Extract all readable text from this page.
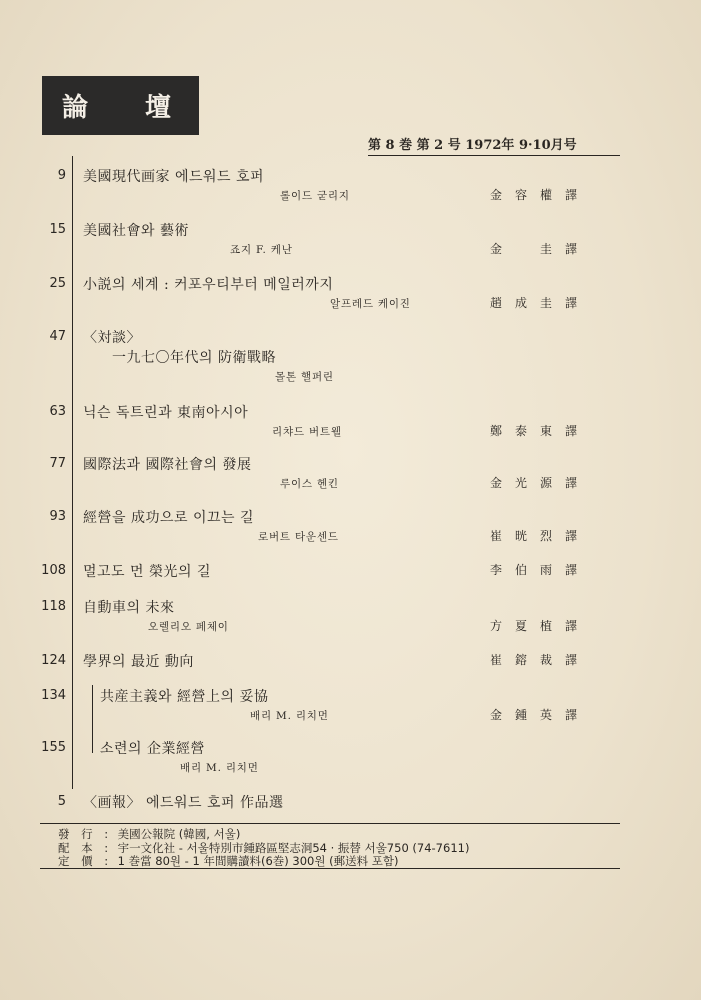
論 壇
第 8 巻 第 2 号 1972年 9·10月号
9 美國現代画家 에드워드 호퍼
롤이드 굳리지	金容權譯
15 美國社會와 藝術
죠지 F. 케난	金　圭譯
25 小説의 세계 : 커포우티부터 메일러까지
알프레드 케이진	趙成圭譯
47 〈対談〉
一九七〇年代의 防衛戰略
몰톤 핼퍼린
63 닉슨 독트린과 東南아시아
리챠드 버트웰	鄭泰東譯
77 國際法과 國際社會의 發展
루이스 헨킨	金光源譯
93 經營을 成功으로 이끄는 길
로버트 타운센드	崔晄烈譯
108 멀고도 먼 榮光의 길	李伯雨譯
118 自動車의 未來
오렐리오 페체이	方夏植譯
124 學界의 最近 動向	崔鎔裁譯
134 共産主義와 經營上의 妥協
배리 M. 리치먼	金鍾英譯
155 소련의 企業經營
배리 M. 리치먼
5 〈画報〉 에드워드 호퍼 作品選
發 行 : 美國公報院 (韓國, 서울)
配 本 : 宇一文化社 - 서울特別市鍾路區堅志洞54 · 振替 서울750 (74-7611)
定 價 : 1 巻當 80원 - 1 年間購讀料(6巻) 300원 (郵送料 포함)
